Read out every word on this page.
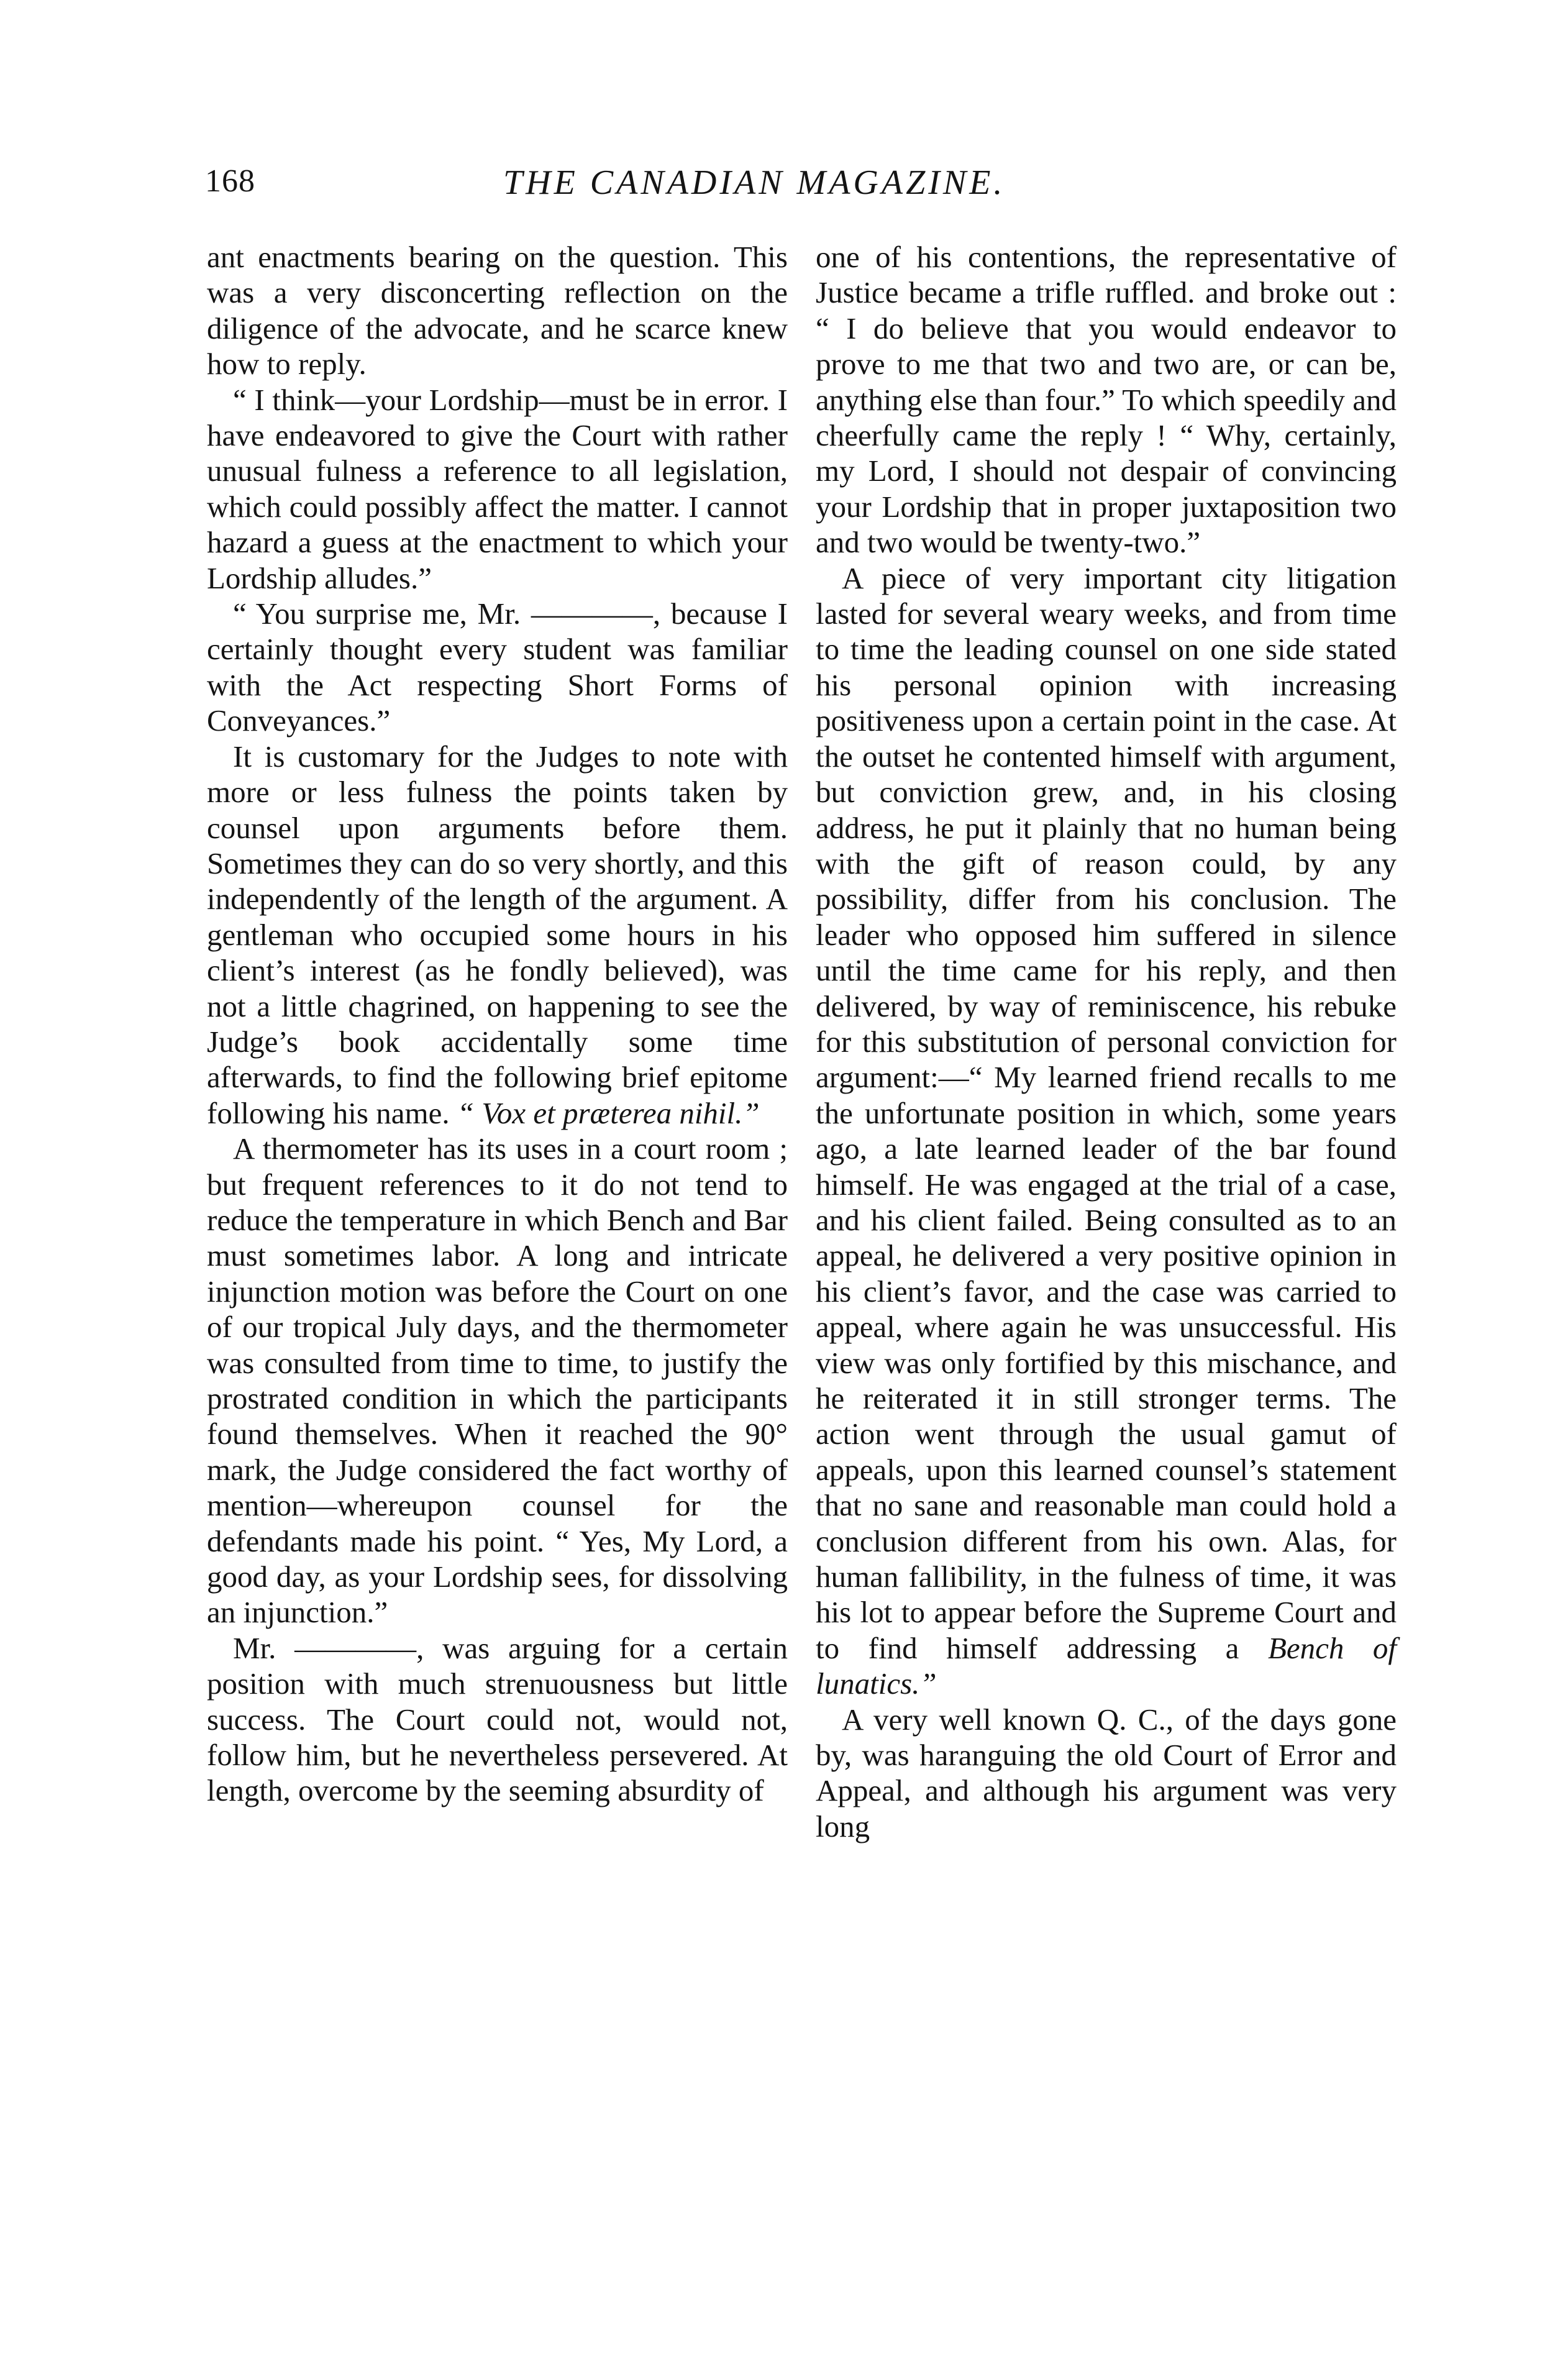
168	THE CANADIAN MAGAZINE.

ant enactments bearing on the question. This was a very disconcerting reflection on the diligence of the advocate, and he scarce knew how to reply.

“ I think—your Lordship—must be in error. I have endeavored to give the Court with rather unusual fulness a reference to all legislation, which could possibly affect the matter. I cannot hazard a guess at the enactment to which your Lordship alludes.”

“ You surprise me, Mr. ————, because I certainly thought every student was familiar with the Act respecting Short Forms of Conveyances.”

It is customary for the Judges to note with more or less fulness the points taken by counsel upon arguments before them. Sometimes they can do so very shortly, and this independently of the length of the argument. A gentleman who occupied some hours in his client’s interest (as he fondly believed), was not a little chagrined, on happening to see the Judge’s book accidentally some time afterwards, to find the following brief epitome following his name. “ Vox et præterea nihil.”

A thermometer has its uses in a court room ; but frequent references to it do not tend to reduce the temperature in which Bench and Bar must sometimes labor. A long and intricate injunction motion was before the Court on one of our tropical July days, and the thermometer was consulted from time to time, to justify the prostrated condition in which the participants found themselves. When it reached the 90° mark, the Judge considered the fact worthy of mention—whereupon counsel for the defendants made his point. “ Yes, My Lord, a good day, as your Lordship sees, for dissolving an injunction.”

Mr. ————, was arguing for a certain position with much strenuousness but little success. The Court could not, would not, follow him, but he nevertheless persevered. At length, overcome by the seeming absurdity of

one of his contentions, the representative of Justice became a trifle ruffled. and broke out : “ I do believe that you would endeavor to prove to me that two and two are, or can be, anything else than four.” To which speedily and cheerfully came the reply ! “ Why, certainly, my Lord, I should not despair of convincing your Lordship that in proper juxtaposition two and two would be twenty-two.”

A piece of very important city litigation lasted for several weary weeks, and from time to time the leading counsel on one side stated his personal opinion with increasing positiveness upon a certain point in the case. At the outset he contented himself with argument, but conviction grew, and, in his closing address, he put it plainly that no human being with the gift of reason could, by any possibility, differ from his conclusion. The leader who opposed him suffered in silence until the time came for his reply, and then delivered, by way of reminiscence, his rebuke for this substitution of personal conviction for argument:—“ My learned friend recalls to me the unfortunate position in which, some years ago, a late learned leader of the bar found himself. He was engaged at the trial of a case, and his client failed. Being consulted as to an appeal, he delivered a very positive opinion in his client’s favor, and the case was carried to appeal, where again he was unsuccessful. His view was only fortified by this mischance, and he reiterated it in still stronger terms. The action went through the usual gamut of appeals, upon this learned counsel’s statement that no sane and reasonable man could hold a conclusion different from his own. Alas, for human fallibility, in the fulness of time, it was his lot to appear before the Supreme Court and to find himself addressing a Bench of lunatics.”

A very well known Q. C., of the days gone by, was haranguing the old Court of Error and Appeal, and although his argument was very long
